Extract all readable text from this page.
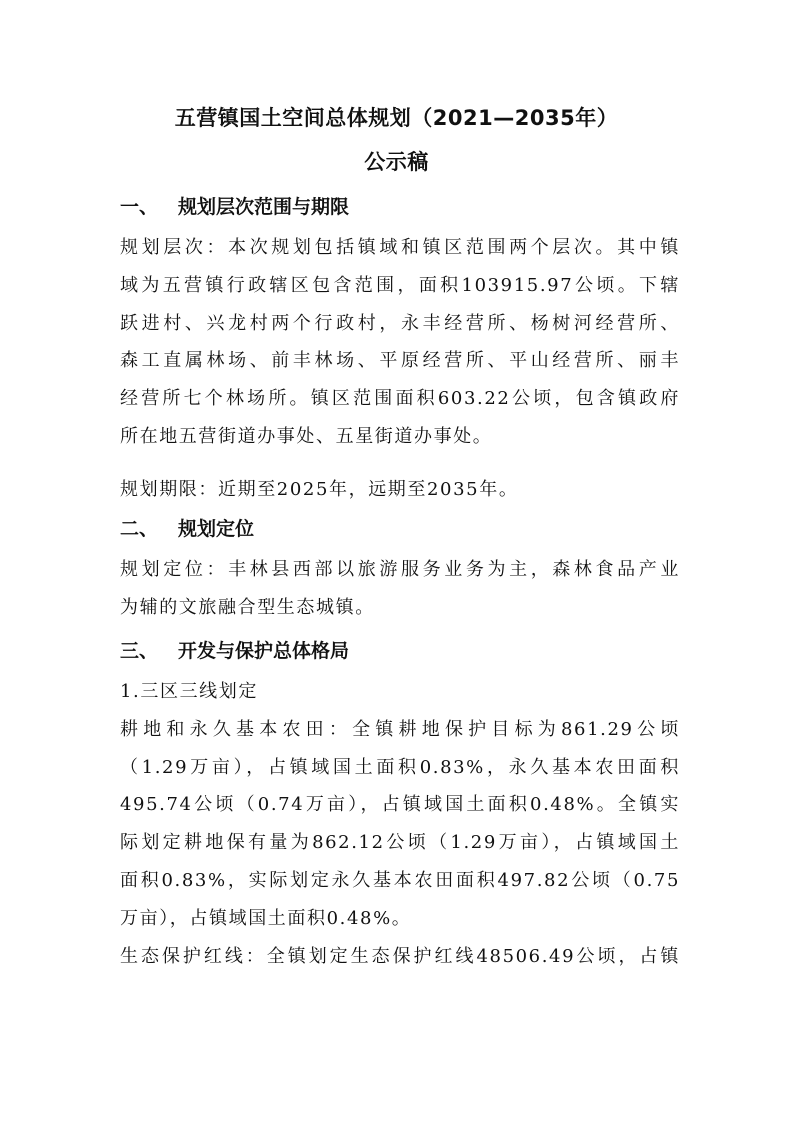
五营镇国土空间总体规划（2021—2035年）
公示稿
一、 规划层次范围与期限
规划层次：本次规划包括镇域和镇区范围两个层次。其中镇
域为五营镇行政辖区包含范围，面积103915.97公顷。下辖
跃进村、兴龙村两个行政村，永丰经营所、杨树河经营所、
森工直属林场、前丰林场、平原经营所、平山经营所、丽丰
经营所七个林场所。镇区范围面积603.22公顷，包含镇政府
所在地五营街道办事处、五星街道办事处。
规划期限：近期至2025年，远期至2035年。
二、 规划定位
规划定位：丰林县西部以旅游服务业务为主，森林食品产业
为辅的文旅融合型生态城镇。
三、 开发与保护总体格局
1.三区三线划定
耕地和永久基本农田：全镇耕地保护目标为861.29公顷
（1.29万亩），占镇域国土面积0.83%，永久基本农田面积
495.74公顷（0.74万亩），占镇域国土面积0.48%。全镇实
际划定耕地保有量为862.12公顷（1.29万亩），占镇域国土
面积0.83%，实际划定永久基本农田面积497.82公顷（0.75
万亩），占镇域国土面积0.48%。
生态保护红线：全镇划定生态保护红线48506.49公顷，占镇
